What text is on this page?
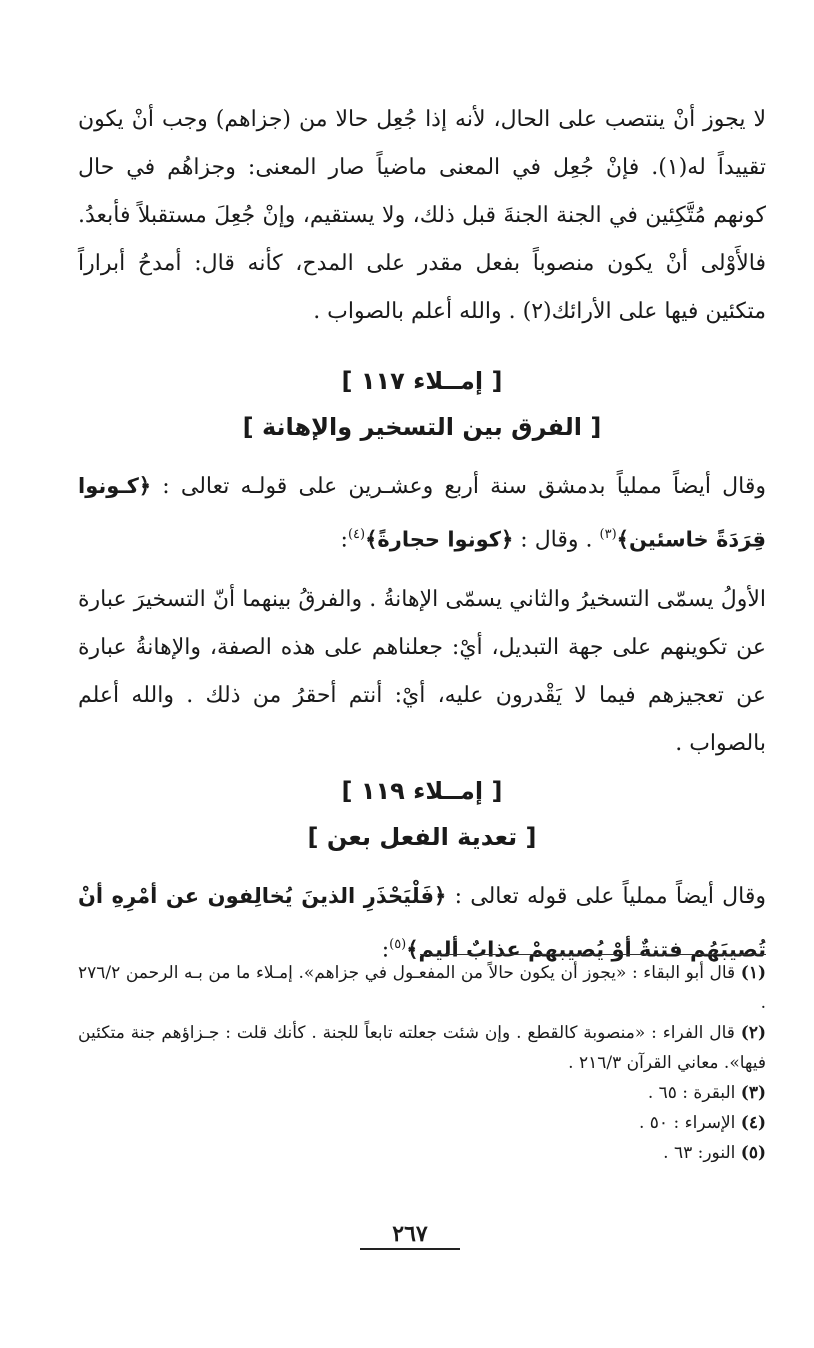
لا يجوز أنْ ينتصب على الحال، لأنه إذا جُعِل حالا من (جزاهم) وجب أنْ يكون تقييداً له(١). فإنْ جُعِل في المعنى ماضياً صار المعنى: وجزاهُم في حال كونهم مُتَّكِئين في الجنة الجنةَ قبل ذلك، ولا يستقيم، وإنْ جُعِلَ مستقبلاً فأبعدُ. فالأَوْلى أنْ يكون منصوباً بفعل مقدر على المدح، كأنه قال: أمدحُ أبراراً متكئين فيها على الأرائك(٢) . والله أعلم بالصواب .

[ إمــلاء ١١٧ ]

[ الفرق بين التسخير والإهانة ]

وقال أيضاً مملياً بدمشق سنة أربع وعشـرين على قولـه تعالى : ﴿كـونوا قِرَدَةً خاسئين﴾$^{(٣)}$ . وقال : ﴿كونوا حجارةً﴾$^{(٤)}$:

الأولُ يسمّى التسخيرُ والثاني يسمّى الإهانةُ . والفرقُ بينهما أنّ التسخيرَ عبارة عن تكوينهم على جهة التبديل، أيْ: جعلناهم على هذه الصفة، والإهانةُ عبارة عن تعجيزهم فيما لا يَقْدرون عليه، أيْ: أنتم أحقرُ من ذلك . والله أعلم بالصواب .

[ إمــلاء ١١٩ ]

[ تعدية الفعل بعن ]

وقال أيضاً مملياً على قوله تعالى : ﴿فَلْيَحْذَرِ الذينَ يُخالِفون عن أمْرِهِ أنْ تُصيبَهُم فتنةٌ أوْ يُصيبهمْ عذابٌ أليم﴾$^{(٥)}$:

(١) قال أبو البقاء : «يجوز أن يكون حالاً من المفعـول في جزاهم». إمـلاء ما من بـه الرحمن ٢٧٦/٢ .

(٢) قال الفراء : «منصوبة كالقطع . وإن شئت جعلته تابعاً للجنة . كأنك قلت : جـزاؤهم جنة متكئين فيها». معاني القرآن ٢١٦/٣ .

(٣) البقرة : ٦٥ .

(٤) الإسراء : ٥٠ .

(٥) النور: ٦٣ .

٢٦٧
